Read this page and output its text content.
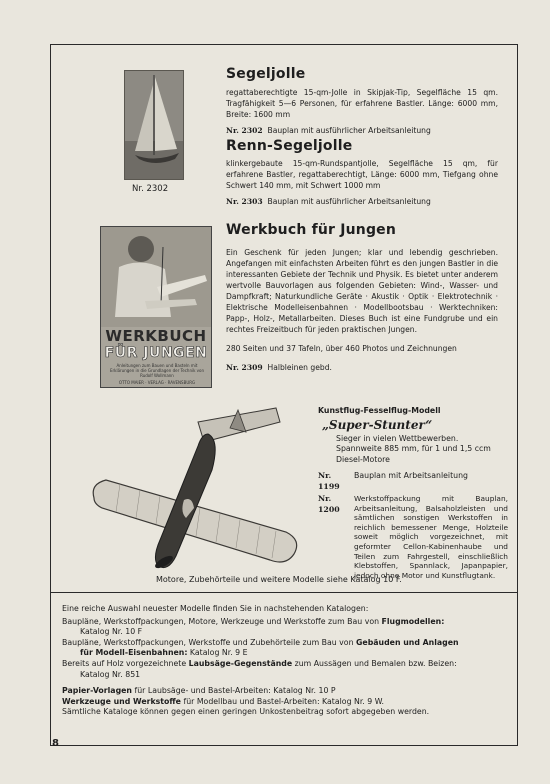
Nr. 2302
Segeljolle

regattaberechtigte 15-qm-Jolle in Skipjak-Tip, Segelfläche 15 qm. Tragfähigkeit 5—6 Personen, für erfahrene Bastler. Länge: 6000 mm, Breite: 1600 mm

Nr. 2302 Bauplan mit ausführlicher Arbeitsanleitung

Renn-Segeljolle

klinkergebaute 15-qm-Rundspantjolle, Segelfläche 15 qm, für erfahrene Bastler, regattaberechtigt, Länge: 6000 mm, Tiefgang ohne Schwert 140 mm, mit Schwert 1000 mm

Nr. 2303 Bauplan mit ausführlicher Arbeitsanleitung

WERKBUCH
FÜR JUNGEN
Anleitungen zum Bauen und Basteln mit Erklärungen in die Grundlagen der Technik von Rudolf Wollmann
OTTO MAIER · VERLAG · RAVENSBURG
Werkbuch für Jungen

Ein Geschenk für jeden Jungen; klar und lebendig geschrieben. Angefangen mit einfachsten Arbeiten führt es den jungen Bastler in die interessanten Gebiete der Technik und Physik. Es bietet unter anderem wertvolle Bauvorlagen aus folgenden Gebieten: Wind-, Wasser- und Dampfkraft; Naturkundliche Geräte · Akustik · Optik · Elektrotechnik · Elektrische Modelleisenbahnen · Modellbootsbau · Werktechniken: Papp-, Holz-, Metallarbeiten. Dieses Buch ist eine Fundgrube und ein rechtes Freizeitbuch für jeden praktischen Jungen.

280 Seiten und 37 Tafeln, über 460 Photos und Zeichnungen

Nr. 2309 Halbleinen gebd.

Kunstflug-Fesselflug-Modell
„Super-Stunter“
Sieger in vielen Wettbewerben.
Spannweite 885 mm, für 1 und 1,5 ccm
Diesel-Motore
Nr. 1199
Bauplan mit Arbeitsanleitung
Nr. 1200
Werkstoffpackung mit Bauplan, Arbeitsanleitung, Balsaholzleisten und sämtlichen sonstigen Werkstoffen in reichlich bemessener Menge, Holzteile soweit möglich vorgezeichnet, mit geformter Cellon-Kabinenhaube und Teilen zum Fahrgestell, einschließlich Klebstoffen, Spannlack, Japanpapier, jedoch ohne Motor und Kunstflugtank.
Motore, Zubehörteile und weitere Modelle siehe Katalog 10 F.
Eine reiche Auswahl neuester Modelle finden Sie in nachstehenden Katalogen:
Baupläne, Werkstoffpackungen, Motore, Werkzeuge und Werkstoffe zum Bau von Flugmodellen:
Katalog Nr. 10 F
Baupläne, Werkstoffpackungen, Werkstoffe und Zubehörteile zum Bau von Gebäuden und Anlagen
für Modell-Eisenbahnen: Katalog Nr. 9 E
Bereits auf Holz vorgezeichnete Laubsäge-Gegenstände zum Aussägen und Bemalen bzw. Beizen:
Katalog Nr. 851
Papier-Vorlagen für Laubsäge- und Bastel-Arbeiten: Katalog Nr. 10 P
Werkzeuge und Werkstoffe für Modellbau und Bastel-Arbeiten: Katalog Nr. 9 W.
Sämtliche Kataloge können gegen einen geringen Unkostenbeitrag sofort abgegeben werden.
8
